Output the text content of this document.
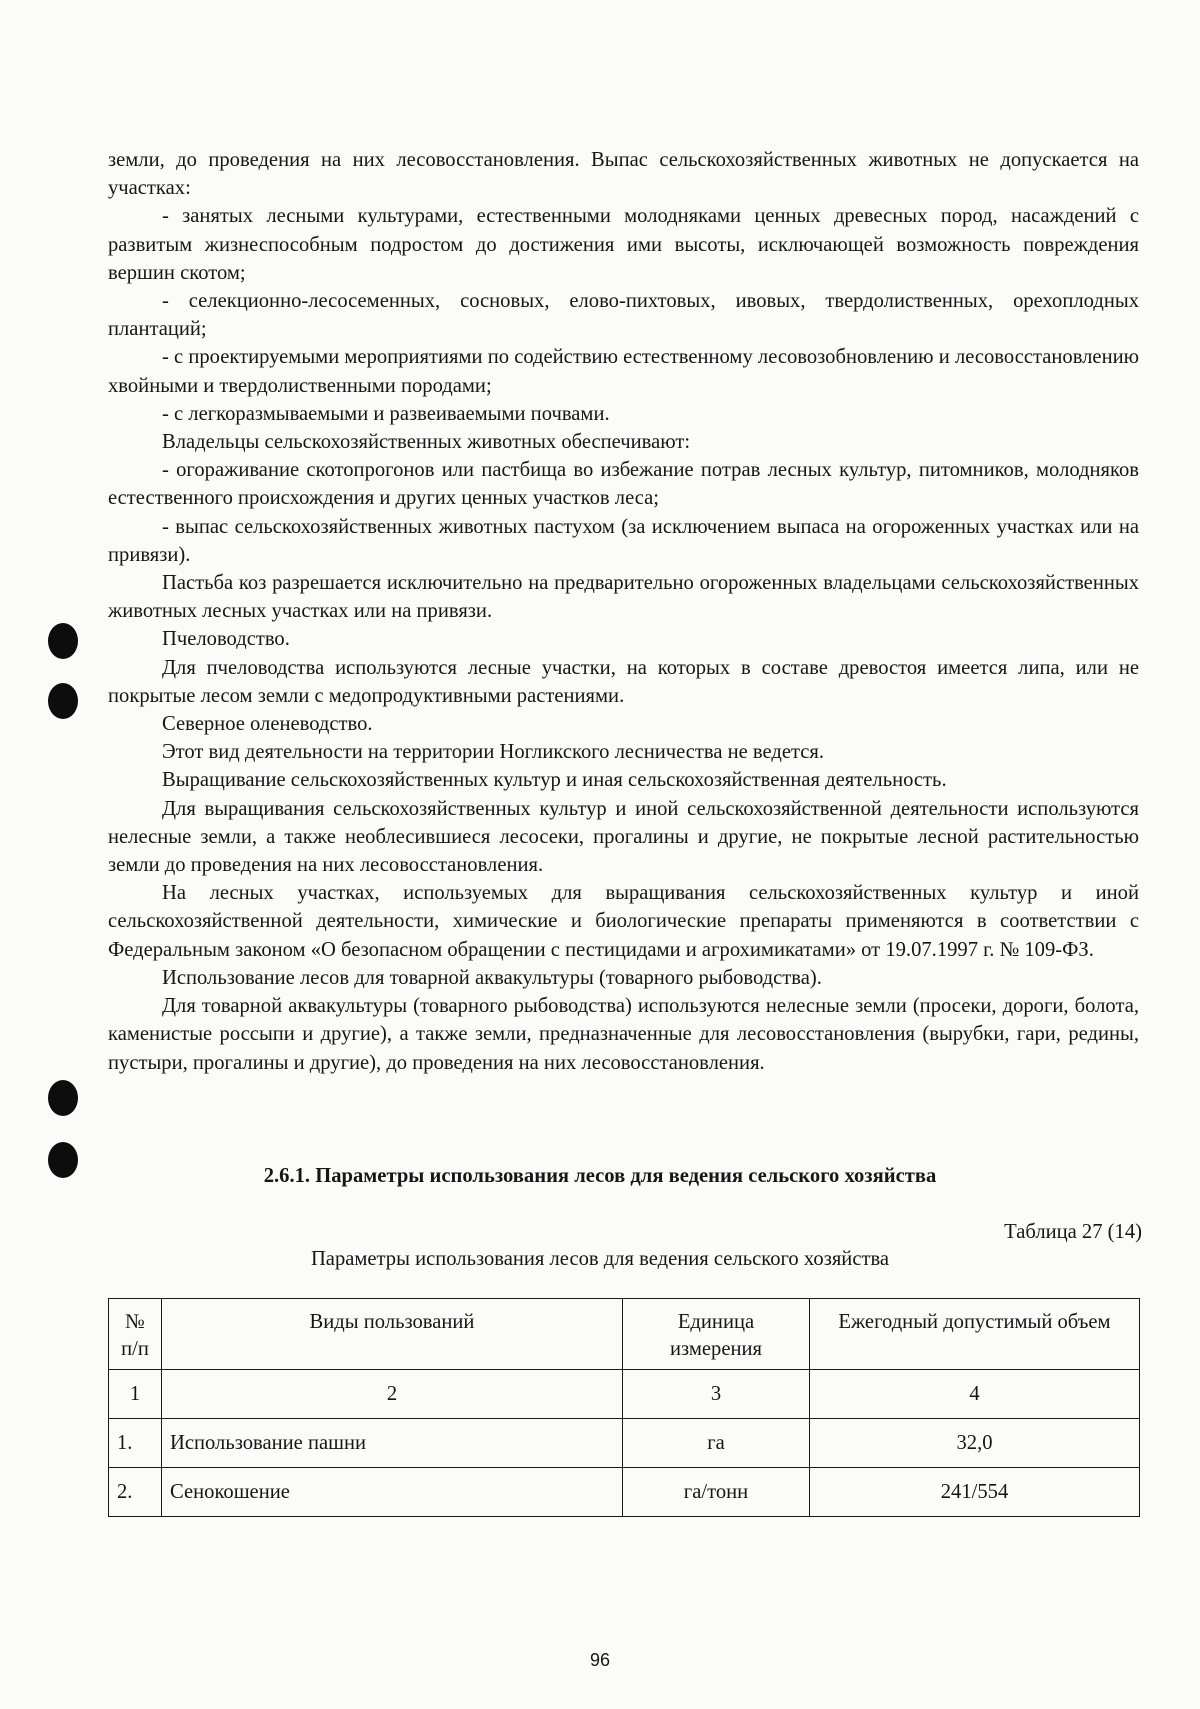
земли, до проведения на них лесовосстановления. Выпас сельскохозяйственных животных не допускается на участках:

- занятых лесными культурами, естественными молодняками ценных древесных пород, насаждений с развитым жизнеспособным подростом до достижения ими высоты, исключающей возможность повреждения вершин скотом;

- селекционно-лесосеменных, сосновых, елово-пихтовых, ивовых, твердолиственных, орехоплодных плантаций;

- с проектируемыми мероприятиями по содействию естественному лесовозобновлению и лесовосстановлению хвойными и твердолиственными породами;

- с легкоразмываемыми и развеиваемыми почвами.

Владельцы сельскохозяйственных животных обеспечивают:

- огораживание скотопрогонов или пастбища во избежание потрав лесных культур, питомников, молодняков естественного происхождения и других ценных участков леса;

- выпас сельскохозяйственных животных пастухом (за исключением выпаса на огороженных участках или на привязи).

Пастьба коз разрешается исключительно на предварительно огороженных владельцами сельскохозяйственных животных лесных участках или на привязи.

Пчеловодство.

Для пчеловодства используются лесные участки, на которых в составе древостоя имеется липа, или не покрытые лесом земли с медопродуктивными растениями.

Северное оленеводство.

Этот вид деятельности на территории Ногликского лесничества не ведется.

Выращивание сельскохозяйственных культур и иная сельскохозяйственная деятельность.

Для выращивания сельскохозяйственных культур и иной сельскохозяйственной деятельности используются нелесные земли, а также необлесившиеся лесосеки, прогалины и другие, не покрытые лесной растительностью земли до проведения на них лесовосстановления.

На лесных участках, используемых для выращивания сельскохозяйственных культур и иной сельскохозяйственной деятельности, химические и биологические препараты применяются в соответствии с Федеральным законом «О безопасном обращении с пестицидами и агрохимикатами» от 19.07.1997 г. № 109-ФЗ.

Использование лесов для товарной аквакультуры (товарного рыбоводства).

Для товарной аквакультуры (товарного рыбоводства) используются нелесные земли (просеки, дороги, болота, каменистые россыпи и другие), а также земли, предназначенные для лесовосстановления (вырубки, гари, редины, пустыри, прогалины и другие), до проведения на них лесовосстановления.

2.6.1. Параметры использования лесов для ведения сельского хозяйства
Таблица 27 (14)
Параметры использования лесов для ведения сельского хозяйства
№ п/п	Виды пользований	Единица измерения	Ежегодный допустимый объем
1	2	3	4
1.	Использование пашни	га	32,0
2.	Сенокошение	га/тонн	241/554
96
